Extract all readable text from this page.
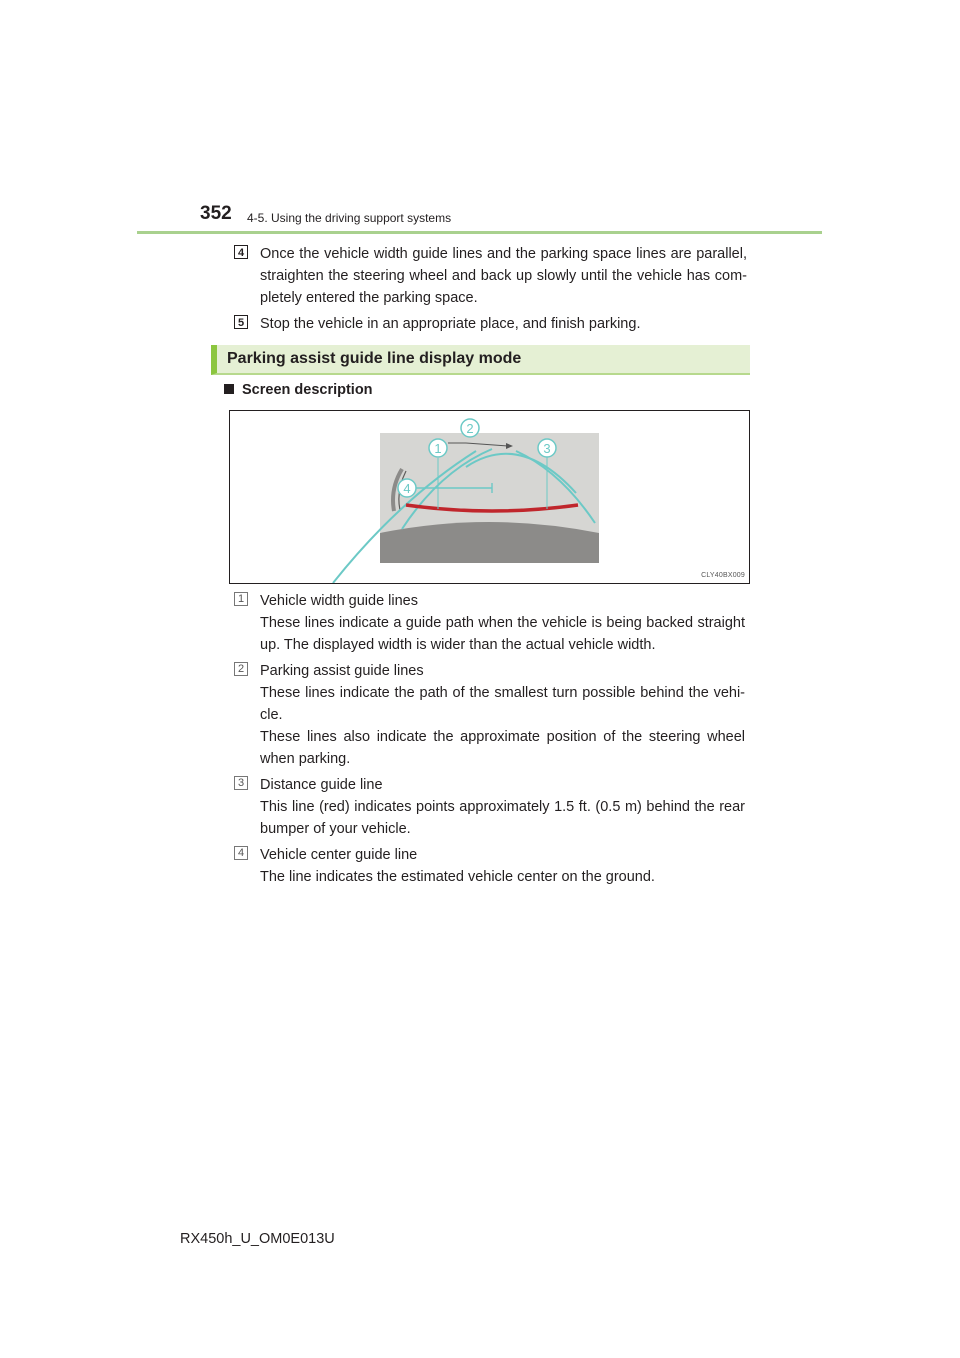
352 4-5. Using the driving support systems
4 Once the vehicle width guide lines and the parking space lines are parallel, straighten the steering wheel and back up slowly until the vehicle has com-pletely entered the parking space.
5 Stop the vehicle in an appropriate place, and finish parking.
Parking assist guide line display mode
Screen description
1
2
3
4
CLY40BX009
1 Vehicle width guide lines
These lines indicate a guide path when the vehicle is being backed straight up. The displayed width is wider than the actual vehicle width.
2 Parking assist guide lines
These lines indicate the path of the smallest turn possible behind the vehi-cle.
These lines also indicate the approximate position of the steering wheel when parking.
3 Distance guide line
This line (red) indicates points approximately 1.5 ft. (0.5 m) behind the rear bumper of your vehicle.
4 Vehicle center guide line
The line indicates the estimated vehicle center on the ground.
RX450h_U_OM0E013U
